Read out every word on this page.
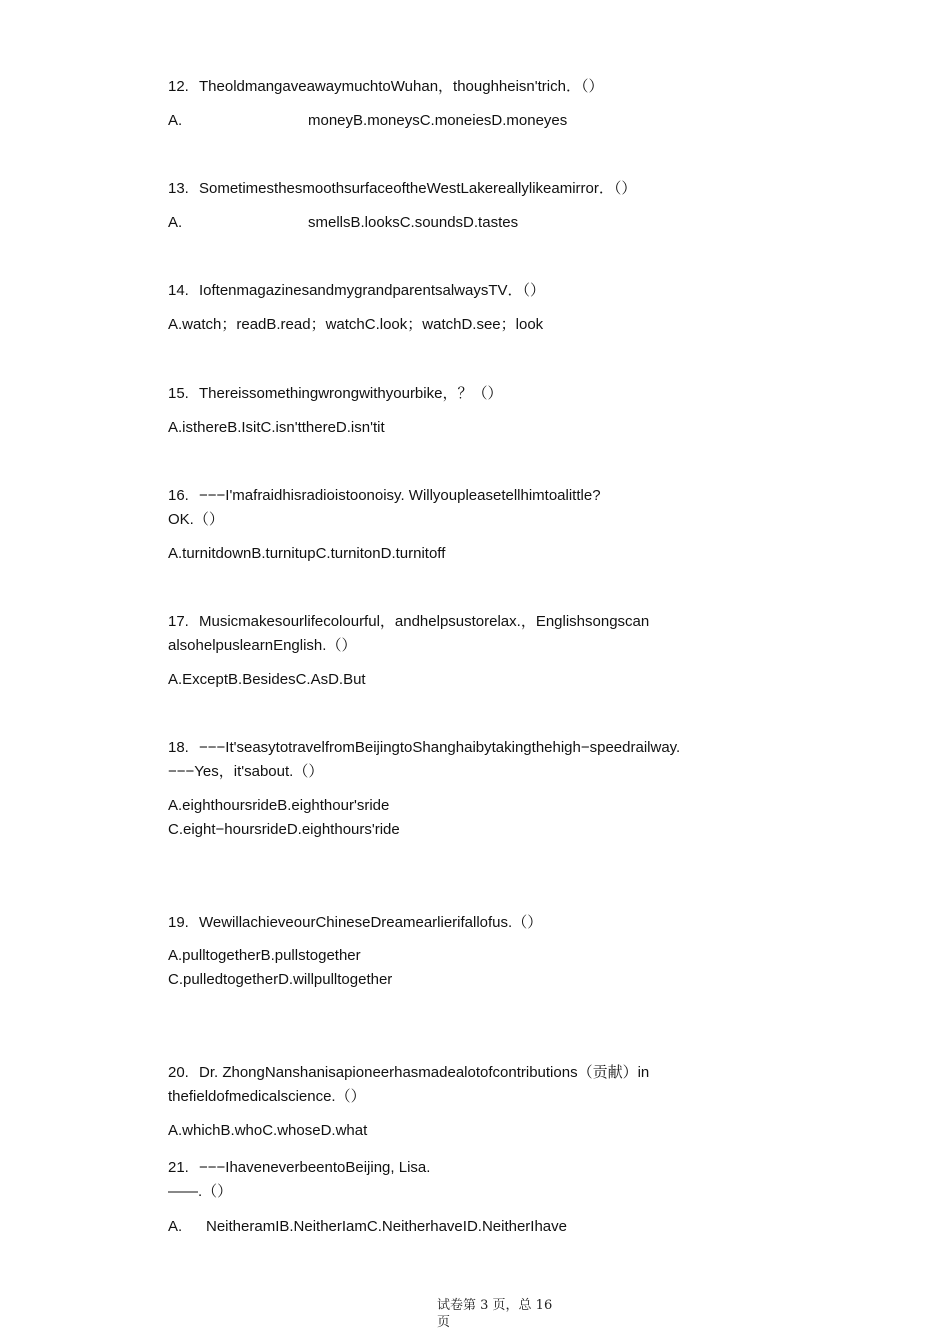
12. TheoldmangaveawaymuchtoWuhan，thoughheisn'trich．（）
A.	moneyB.moneysC.moneiesD.moneyes
13. SometimesthesmoothsurfaceoftheWestLakereallylikeamirror．（）
A.	smellsB.looksC.soundsD.tastes
14. IoftenmagazinesandmygrandparentsalwaysTV．（）
A.watch；readB.read；watchC.look；watchD.see；look
15. Thereissomethingwrongwithyourbike，？（）
A.isthereB.IsitC.isn'tthereD.isn'tit
16. −−−I'mafraidhisradioistoonoisy. Willyoupleasetellhimtoalittle?
OK.（）
A.turnitdownB.turnitupC.turnitonD.turnitoff
17. Musicmakesourlifecolourful，andhelpsustorelax.，Englishsongscan
alsohelpuslearnEnglish.（）
A.ExceptB.BesidesC.AsD.But
18. −−−It'seasytotravelfromBeijingtoShanghaibytakingthehigh−speedrailway.
−−−Yes，it'sabout.（）
A.eighthoursrideB.eighthour'sride
C.eight−hoursrideD.eighthours'ride
19. WewillachieveourChineseDreamearlierifallofus.（）
A.pulltogetherB.pullstogether
C.pulledtogetherD.willpulltogether
20. Dr. ZhongNanshanisapioneerhasmadealotofcontributions（贡献）in
thefieldofmedicalscience.（）
A.whichB.whoC.whoseD.what
21. −−−IhaveneverbeentoBeijing, Lisa.
——.（）
A. NeitheramIB.NeitherIamC.NeitherhaveID.NeitherIhave
试卷第 3 页，总 16
页
